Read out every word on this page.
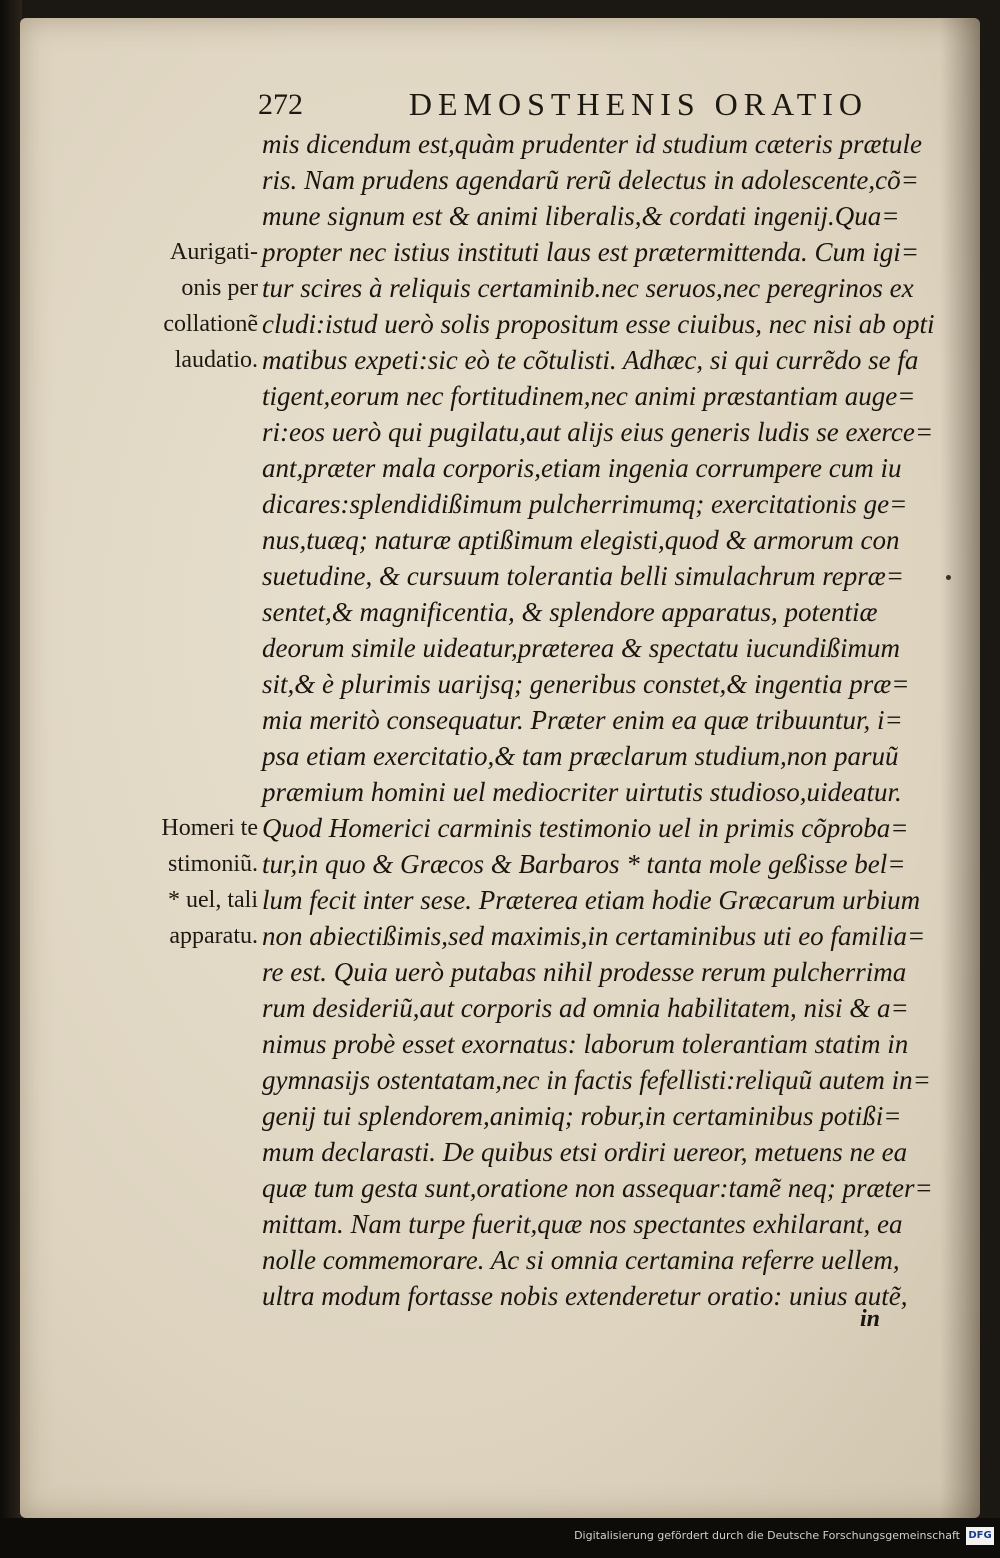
272	DEMOSTHENIS ORATIO
Aurigati-
onis per
collationẽ
laudatio.
Homeri te
stimoniũ.
* uel, tali
apparatu.
mis dicendum est,quàm prudenter id studium cæteris prætule
ris. Nam prudens agendarũ rerũ delectus in adolescente,cõ=
mune signum est & animi liberalis,& cordati ingenij.Qua=
propter nec istius instituti laus est prætermittenda. Cum igi=
tur scires à reliquis certaminib.nec seruos,nec peregrinos ex
cludi:istud uerò solis propositum esse ciuibus, nec nisi ab opti
matibus expeti:sic eò te cõtulisti. Adhæc, si qui currẽdo se fa
tigent,eorum nec fortitudinem,nec animi præstantiam auge=
ri:eos uerò qui pugilatu,aut alijs eius generis ludis se exerce=
ant,præter mala corporis,etiam ingenia corrumpere cum iu
dicares:splendidißimum pulcherrimumq; exercitationis ge=
nus,tuæq; naturæ aptißimum elegisti,quod & armorum con
suetudine, & cursuum tolerantia belli simulachrum repræ=
sentet,& magnificentia, & splendore apparatus, potentiæ
deorum simile uideatur,præterea & spectatu iucundißimum
sit,& è plurimis uarijsq; generibus constet,& ingentia præ=
mia meritò consequatur. Præter enim ea quæ tribuuntur, i=
psa etiam exercitatio,& tam præclarum studium,non paruũ
præmium homini uel mediocriter uirtutis studioso,uideatur.
Quod Homerici carminis testimonio uel in primis cõproba=
tur,in quo & Græcos & Barbaros * tanta mole geßisse bel=
lum fecit inter sese. Præterea etiam hodie Græcarum urbium
non abiectißimis,sed maximis,in certaminibus uti eo familia=
re est. Quia uerò putabas nihil prodesse rerum pulcherrima
rum desideriũ,aut corporis ad omnia habilitatem, nisi & a=
nimus probè esset exornatus: laborum tolerantiam statim in
gymnasijs ostentatam,nec in factis fefellisti:reliquũ autem in=
genij tui splendorem,animiq; robur,in certaminibus potißi=
mum declarasti. De quibus etsi ordiri uereor, metuens ne ea
quæ tum gesta sunt,oratione non assequar:tamẽ neq; præter=
mittam. Nam turpe fuerit,quæ nos spectantes exhilarant, ea
nolle commemorare. Ac si omnia certamina referre uellem,
ultra modum fortasse nobis extenderetur oratio: unius autẽ,
in
Digitalisierung gefördert durch die Deutsche Forschungsgemeinschaft DFG
